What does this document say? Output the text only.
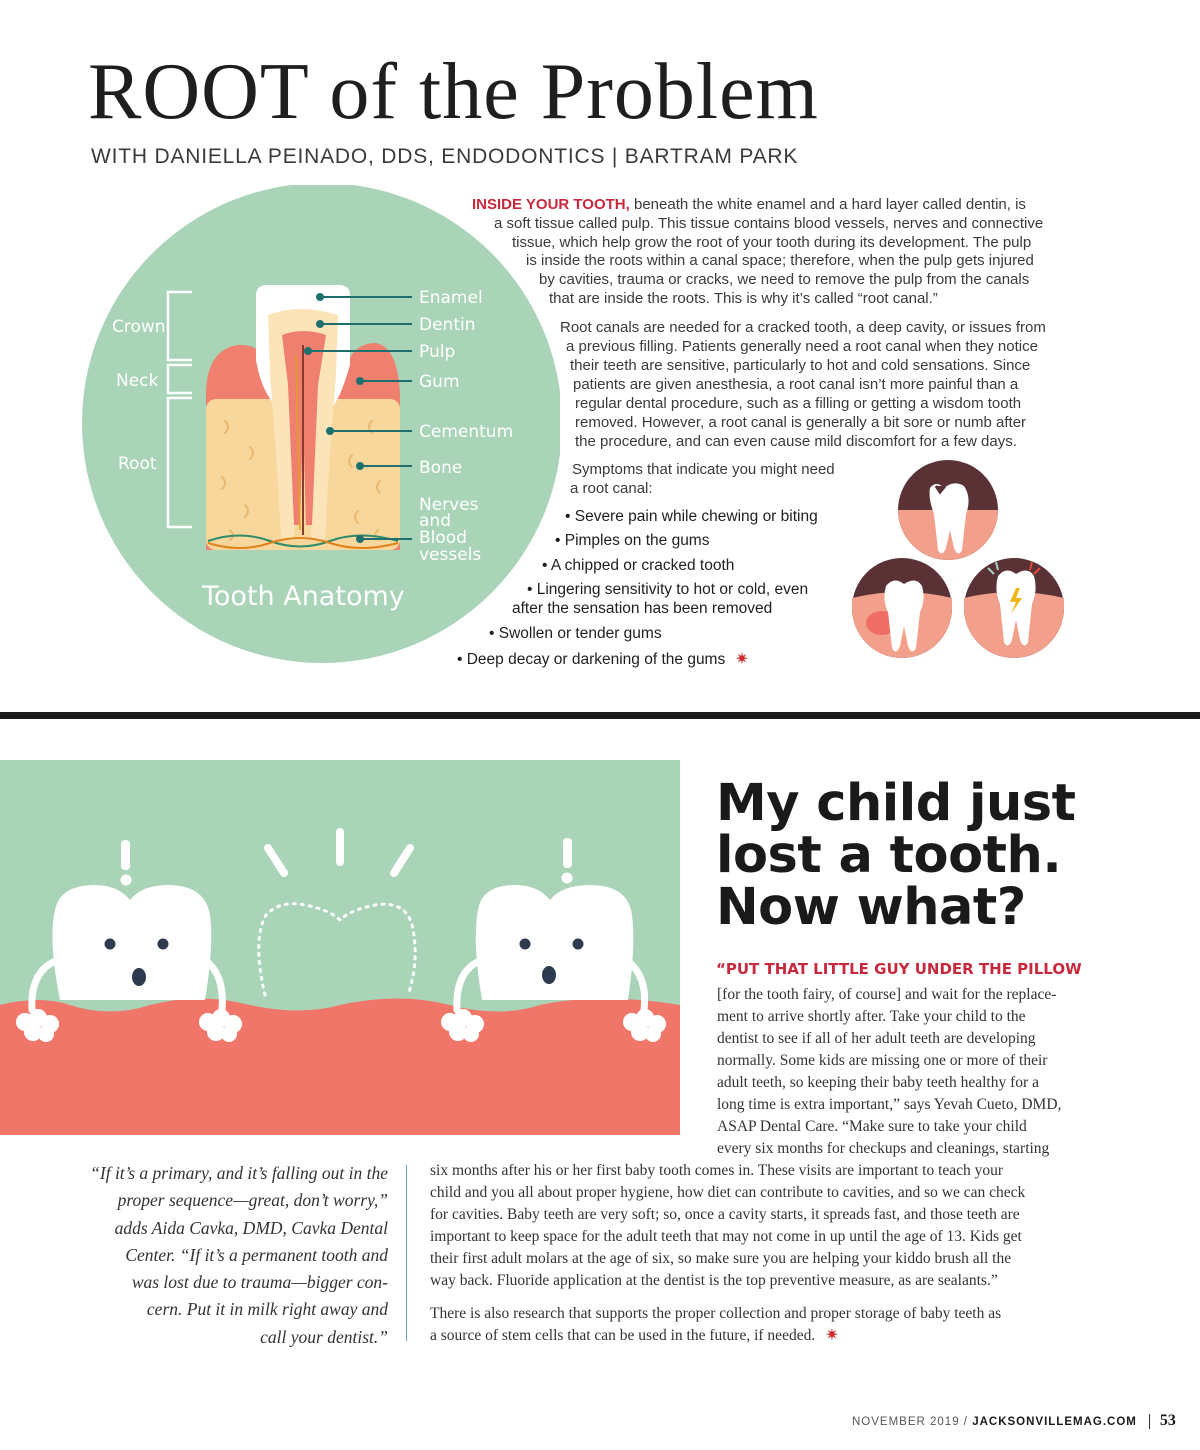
ROOT of the Problem
WITH DANIELLA PEINADO, DDS, ENDODONTICS | BARTRAM PARK
Crown
Neck
Root
Enamel
Dentin
Pulp
Gum
Cementum
Bone
Nerves
and
Blood
vessels
Tooth Anatomy
INSIDE YOUR TOOTH, beneath the white enamel and a hard layer called dentin, is
a soft tissue called pulp. This tissue contains blood vessels, nerves and connective
tissue, which help grow the root of your tooth during its development. The pulp
is inside the roots within a canal space; therefore, when the pulp gets injured
by cavities, trauma or cracks, we need to remove the pulp from the canals
that are inside the roots. This is why it’s called “root canal.”
Root canals are needed for a cracked tooth, a deep cavity, or issues from
a previous filling. Patients generally need a root canal when they notice
their teeth are sensitive, particularly to hot and cold sensations. Since
patients are given anesthesia, a root canal isn’t more painful than a
regular dental procedure, such as a filling or getting a wisdom tooth
removed. However, a root canal is generally a bit sore or numb after
the procedure, and can even cause mild discomfort for a few days.
Symptoms that indicate you might need
a root canal:
• Severe pain while chewing or biting
• Pimples on the gums
• A chipped or cracked tooth
• Lingering sensitivity to hot or cold, even
after the sensation has been removed
• Swollen or tender gums
• Deep decay or darkening of the gums ✷
My child just
lost a tooth.
Now what?
“PUT THAT LITTLE GUY UNDER THE PILLOW
[for the tooth fairy, of course] and wait for the replace-
ment to arrive shortly after. Take your child to the
dentist to see if all of her adult teeth are developing
normally. Some kids are missing one or more of their
adult teeth, so keeping their baby teeth healthy for a
long time is extra important,” says Yevah Cueto, DMD,
ASAP Dental Care. “Make sure to take your child
every six months for checkups and cleanings, starting
“If it’s a primary, and it’s falling out in the
proper sequence—great, don’t worry,”
adds Aida Cavka, DMD, Cavka Dental
Center. “If it’s a permanent tooth and
was lost due to trauma—bigger con-
cern. Put it in milk right away and
call your dentist.”
six months after his or her first baby tooth comes in. These visits are important to teach your
child and you all about proper hygiene, how diet can contribute to cavities, and so we can check
for cavities. Baby teeth are very soft; so, once a cavity starts, it spreads fast, and those teeth are
important to keep space for the adult teeth that may not come in up until the age of 13. Kids get
their first adult molars at the age of six, so make sure you are helping your kiddo brush all the
way back. Fluoride application at the dentist is the top preventive measure, as are sealants.”
There is also research that supports the proper collection and proper storage of baby teeth as
a source of stem cells that can be used in the future, if needed. ✷
NOVEMBER 2019 / JACKSONVILLEMAG.COM 53
